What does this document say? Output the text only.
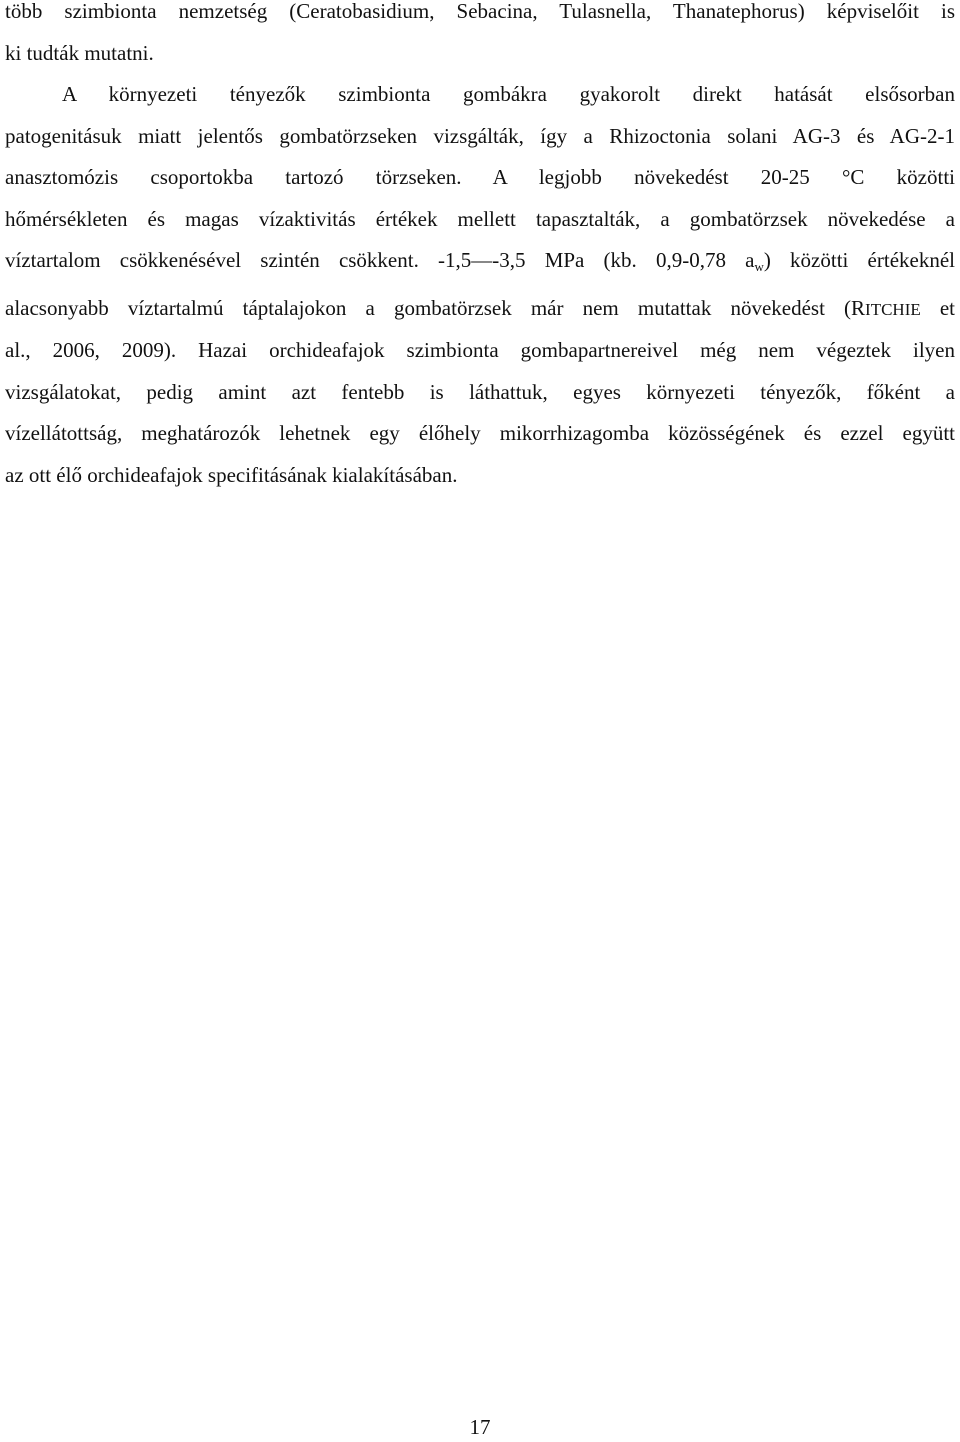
több szimbionta nemzetség (Ceratobasidium, Sebacina, Tulasnella, Thanatephorus) képviselőit is
ki tudták mutatni.
A környezeti tényezők szimbionta gombákra gyakorolt direkt hatását elsősorban
patogenitásuk miatt jelentős gombatörzseken vizsgálták, így a Rhizoctonia solani AG-3 és AG-2-1
anasztomózis csoportokba tartozó törzseken. A legjobb növekedést 20-25 °C közötti
hőmérsékleten és magas vízaktivitás értékek mellett tapasztalták, a gombatörzsek növekedése a
víztartalom csökkenésével szintén csökkent. -1,5—-3,5 MPa (kb. 0,9-0,78 $a_w$) közötti értékeknél
alacsonyabb víztartalmú táptalajokon a gombatörzsek már nem mutattak növekedést (RITCHIE et
al., 2006, 2009). Hazai orchideafajok szimbionta gombapartnereivel még nem végeztek ilyen
vizsgálatokat, pedig amint azt fentebb is láthattuk, egyes környezeti tényezők, főként a
vízellátottság, meghatározók lehetnek egy élőhely mikorrhizagomba közösségének és ezzel együtt
az ott élő orchideafajok specifitásának kialakításában.
17
